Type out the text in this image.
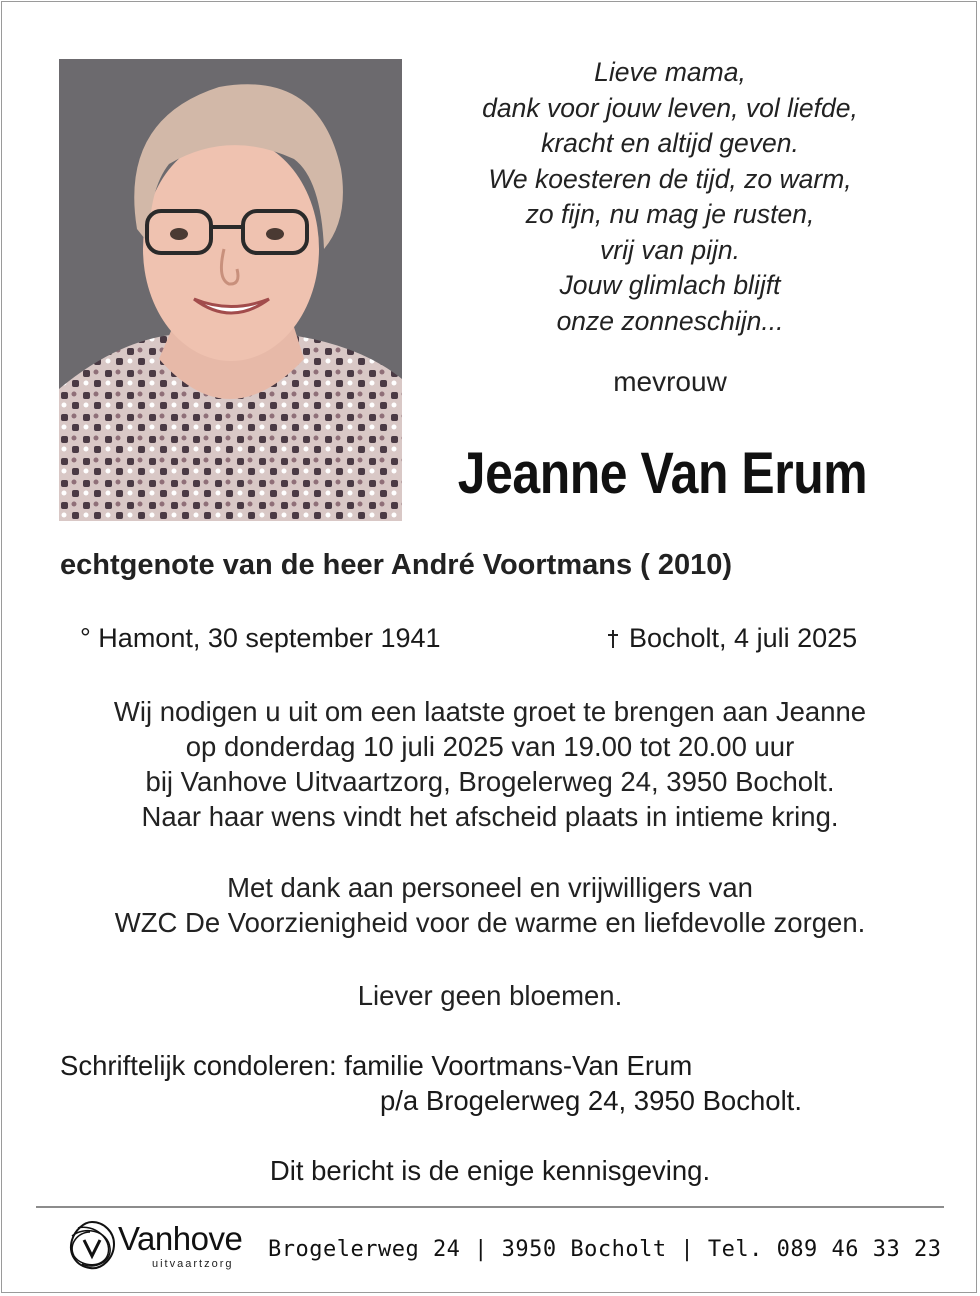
Lieve mama,
dank voor jouw leven, vol liefde,
kracht en altijd geven.
We koesteren de tijd, zo warm,
zo fijn, nu mag je rusten,
vrij van pijn.
Jouw glimlach blijft
onze zonneschijn...
mevrouw
Jeanne Van Erum
echtgenote van de heer André Voortmans ( 2010)
° Hamont, 30 september 1941	Bocholt, 4 juli 2025
Wij nodigen u uit om een laatste groet te brengen aan Jeanne
op donderdag 10 juli 2025 van 19.00 tot 20.00 uur
bij Vanhove Uitvaartzorg, Brogelerweg 24, 3950 Bocholt.
Naar haar wens vindt het afscheid plaats in intieme kring.
Met dank aan personeel en vrijwilligers van
WZC De Voorzienigheid voor de warme en liefdevolle zorgen.
Liever geen bloemen.
Schriftelijk condoleren: familie Voortmans-Van Erum
p/a Brogelerweg 24, 3950 Bocholt.
Dit bericht is de enige kennisgeving.
Vanhove
uitvaartzorg
Brogelerweg 24 | 3950 Bocholt | Tel. 089 46 33 23
